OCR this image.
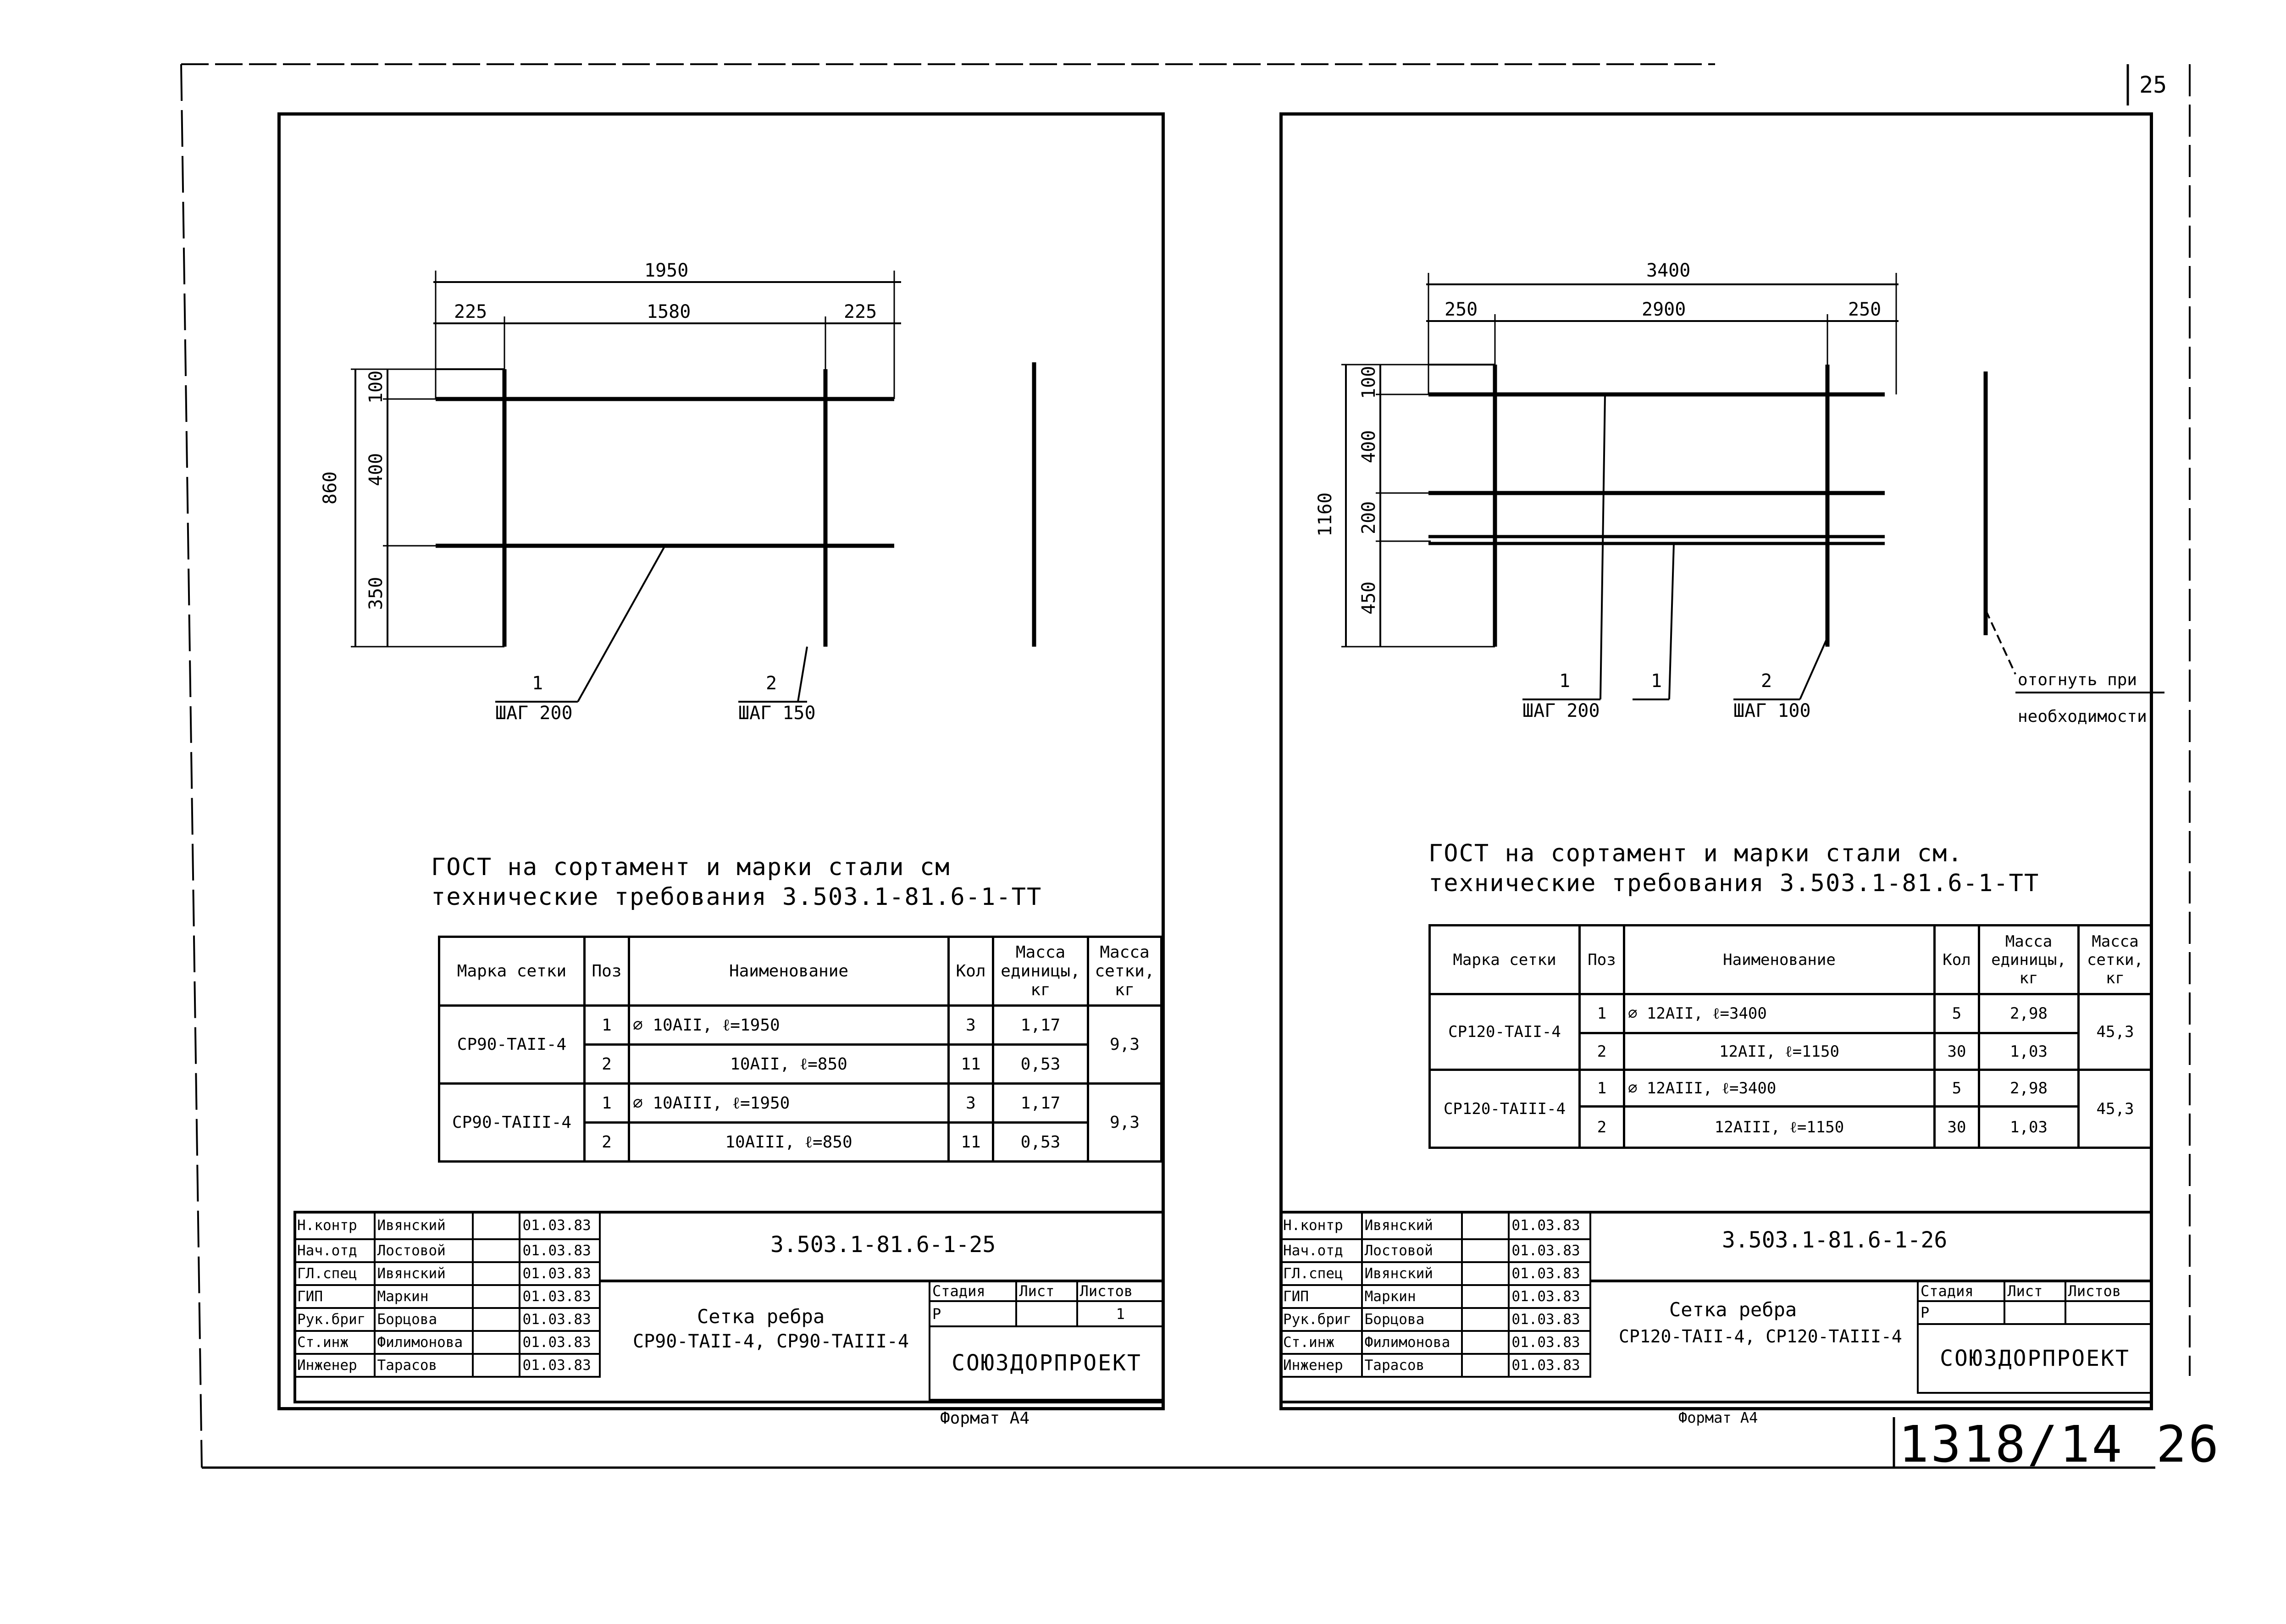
25
1318/14 26
1950
225	1580	225
860
100
400
350
1
ШАГ 200
2
ШАГ 150
ГОСТ на сортамент и марки стали см
технические требования 3.503.1-81.6-1-ТТ
Марка сетки	Поз	Наименование	Кол	Масса единицы, кг	Масса сетки, кг
СР90-ТАII-4	1	⌀ 10АII, ℓ=1950	3	1,17	9,3
	2	10АII, ℓ=850	11	0,53	
СР90-ТАIII-4	1	⌀ 10АIII, ℓ=1950	3	1,17	9,3
	2	10АIII, ℓ=850	11	0,53	
Н.контр	Ивянский		01.03.83
Нач.отд	Лостовой		01.03.83
ГЛ.спец	Ивянский		01.03.83
ГИП	Маркин		01.03.83
Рук.бриг	Борцова		01.03.83
Ст.инж	Филимонова		01.03.83
Инженер	Тарасов		01.03.83
3.503.1-81.6-1-25
Сетка ребра
СР90-ТАII-4, СР90-ТАIII-4
Стадия	Лист	Листов
Р		1
СОЮЗДОРПРОЕКТ		
Формат А4
3400
250	2900	250
1160
100
400
200
450
1
ШАГ 200
1	2
ШАГ 100
отогнуть при
необходимости
ГОСТ на сортамент и марки стали см.
технические требования 3.503.1-81.6-1-ТТ
Марка сетки	Поз	Наименование	Кол	Масса единицы, кг	Масса сетки, кг
СР120-ТАII-4	1	⌀ 12АII, ℓ=3400	5	2,98	45,3
	2	12АII, ℓ=1150	30	1,03	
СР120-ТАIII-4	1	⌀ 12АIII, ℓ=3400	5	2,98	45,3
	2	12АIII, ℓ=1150	30	1,03	
Н.контр	Ивянский		01.03.83
Нач.отд	Лостовой		01.03.83
ГЛ.спец	Ивянский		01.03.83
ГИП	Маркин		01.03.83
Рук.бриг	Борцова		01.03.83
Ст.инж	Филимонова		01.03.83
Инженер	Тарасов		01.03.83
3.503.1-81.6-1-26
Сетка ребра
СР120-ТАII-4, СР120-ТАIII-4
Стадия	Лист	Листов
Р		
СОЮЗДОРПРОЕКТ		
Формат А4
